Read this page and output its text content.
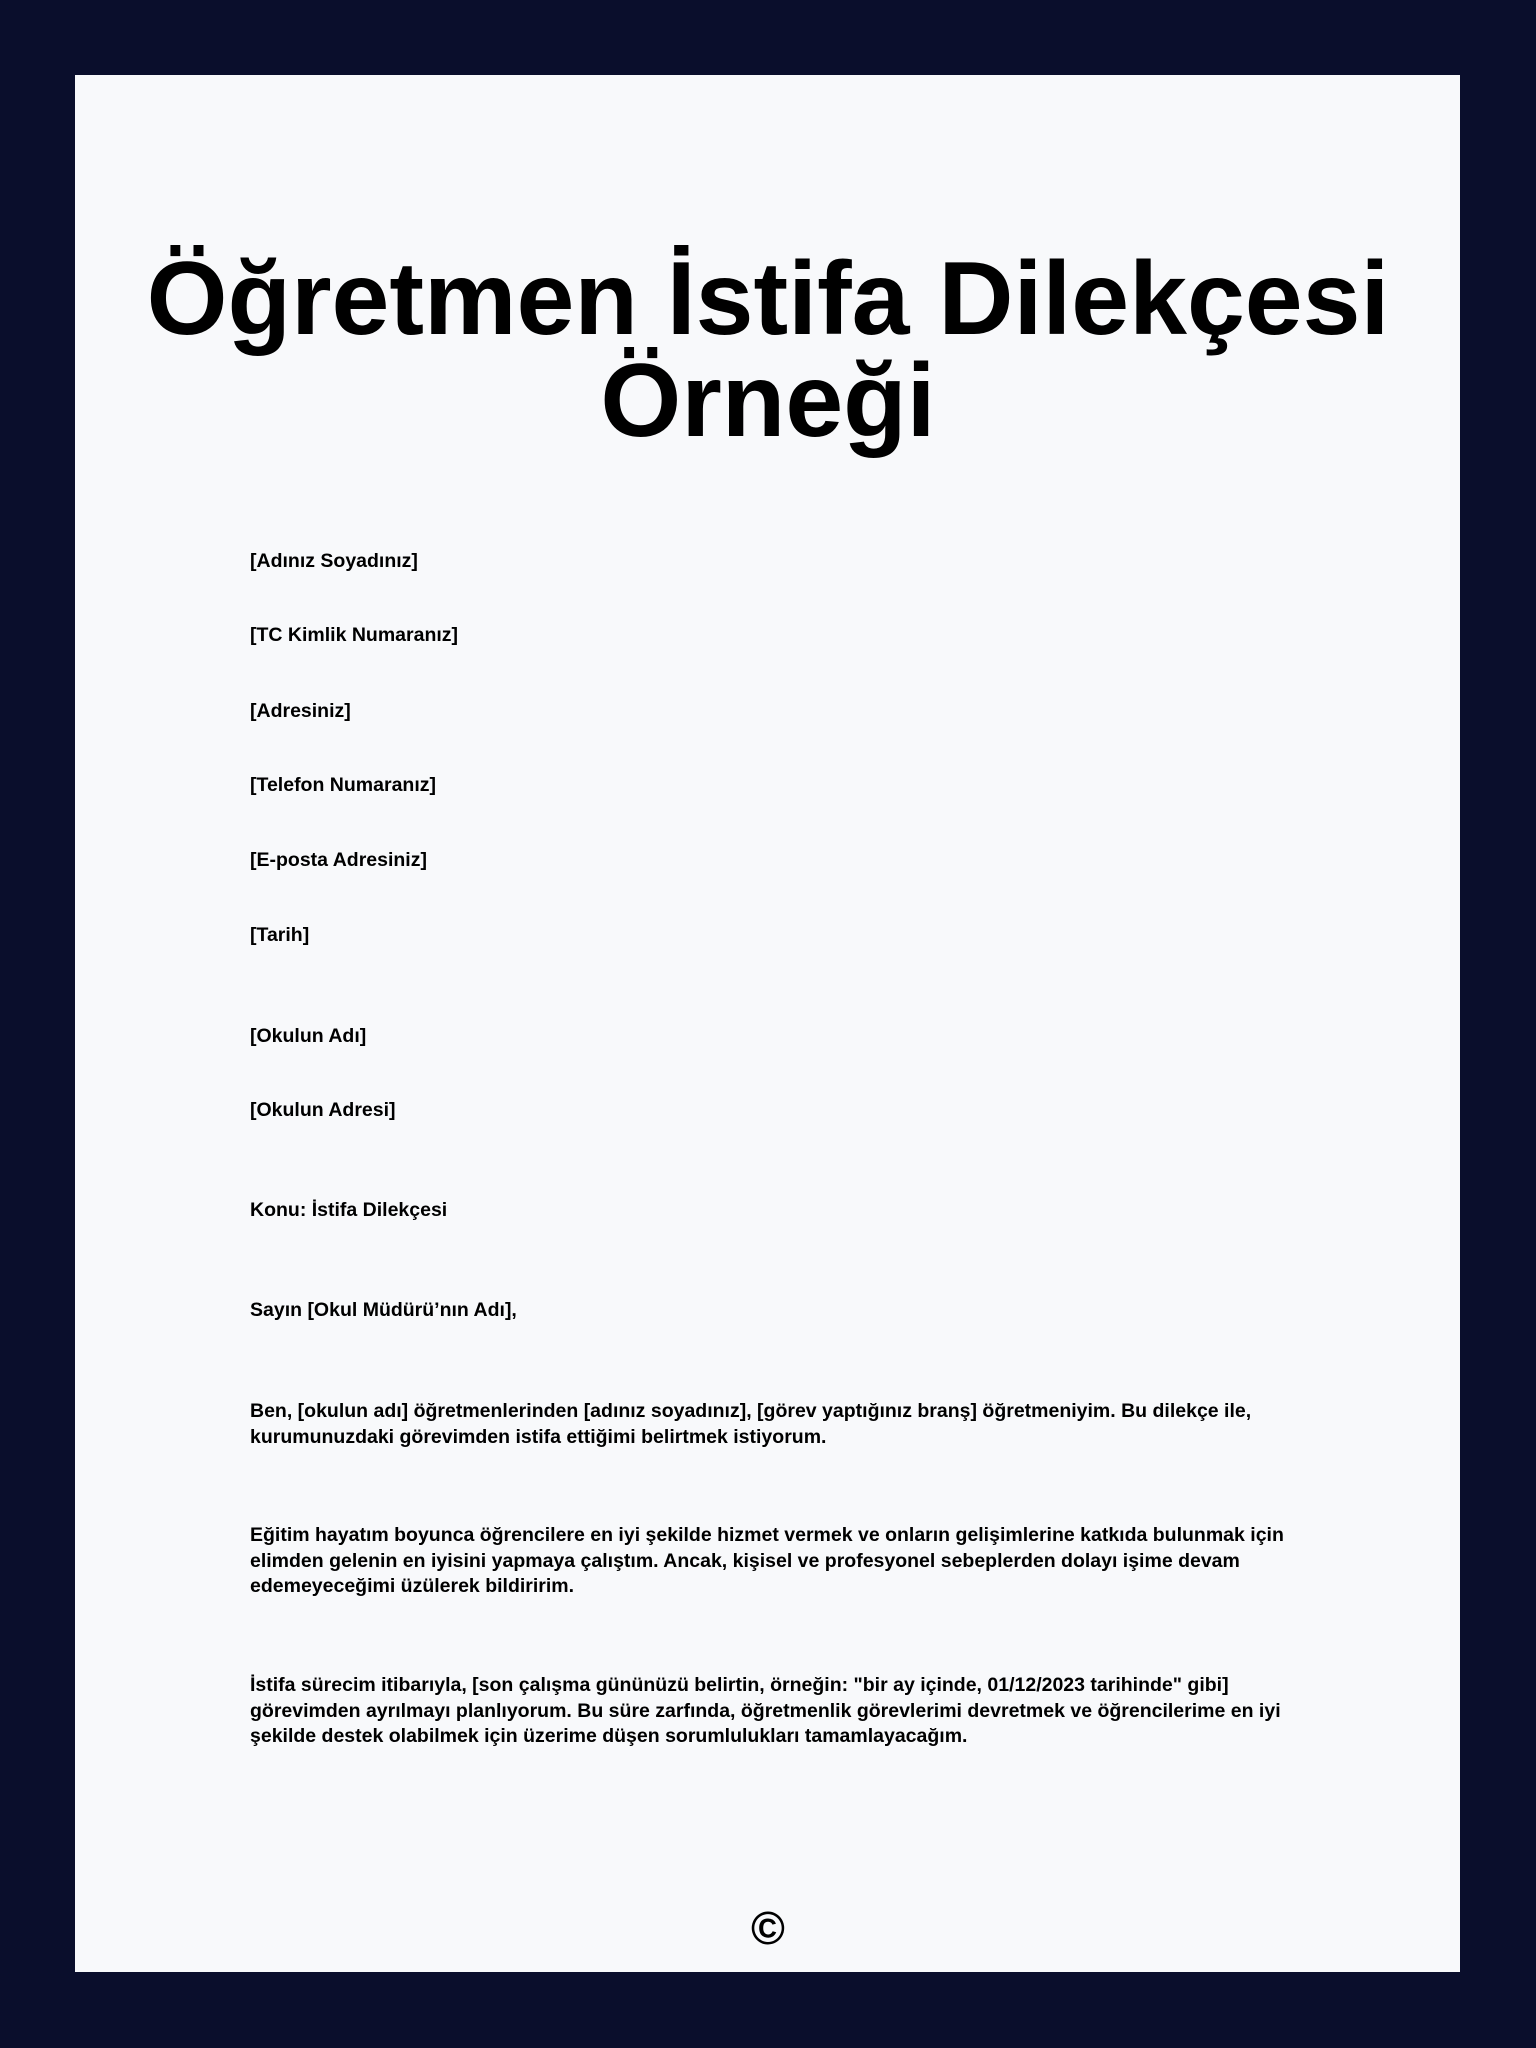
Öğretmen İstifa Dilekçesi Örneği

[Adınız Soyadınız]

[TC Kimlik Numaranız]

[Adresiniz]

[Telefon Numaranız]

[E-posta Adresiniz]

[Tarih]

[Okulun Adı]

[Okulun Adresi]

Konu: İstifa Dilekçesi

Sayın [Okul Müdürü’nın Adı],

Ben, [okulun adı] öğretmenlerinden [adınız soyadınız], [görev yaptığınız branş] öğretmeniyim. Bu dilekçe ile, kurumunuzdaki görevimden istifa ettiğimi belirtmek istiyorum.

Eğitim hayatım boyunca öğrencilere en iyi şekilde hizmet vermek ve onların gelişimlerine katkıda bulunmak için elimden gelenin en iyisini yapmaya çalıştım. Ancak, kişisel ve profesyonel sebeplerden dolayı işime devam edemeyeceğimi üzülerek bildiririm.

İstifa sürecim itibarıyla, [son çalışma gününüzü belirtin, örneğin: "bir ay içinde, 01/12/2023 tarihinde" gibi] görevimden ayrılmayı planlıyorum. Bu süre zarfında, öğretmenlik görevlerimi devretmek ve öğrencilerime en iyi şekilde destek olabilmek için üzerime düşen sorumlulukları tamamlayacağım.

©
